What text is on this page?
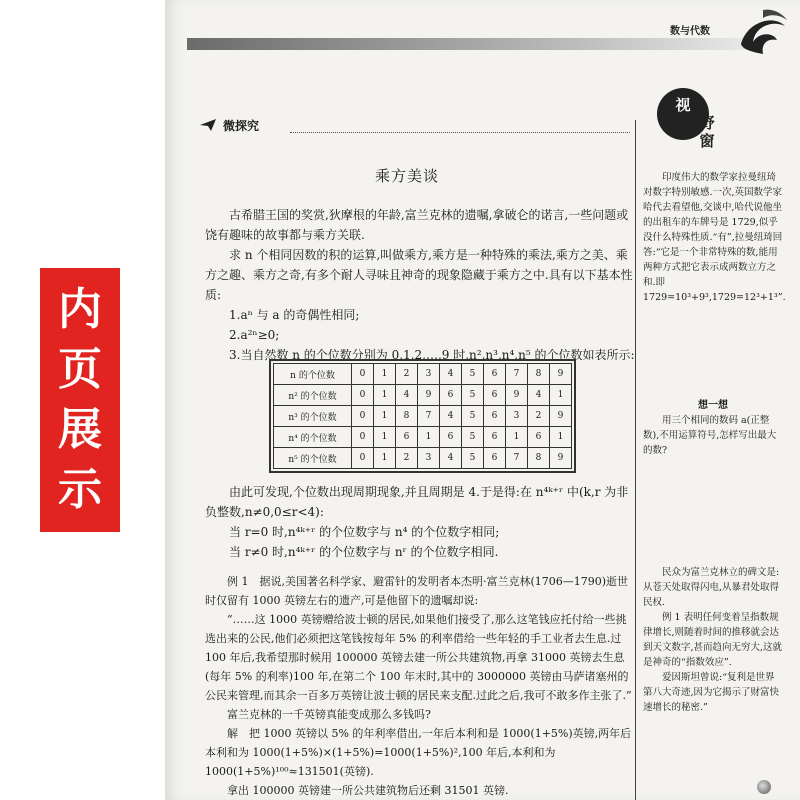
内
页
展
示
数与代数
微探究
乘方美谈

古希腊王国的奖赏,狄摩根的年龄,富兰克林的遗嘱,拿破仑的诺言,一些问题或饶有趣味的故事都与乘方关联.

求 n 个相同因数的积的运算,叫做乘方,乘方是一种特殊的乘法,乘方之美、乘方之趣、乘方之奇,有多个耐人寻味且神奇的现象隐藏于乘方之中.具有以下基本性质:

1.aⁿ 与 a 的奇偶性相同;

2.a²ⁿ≥0;

3.当自然数 n 的个位数分别为 0,1,2,…,9 时,n²,n³,n⁴,n⁵ 的个位数如表所示:

n 的个位数	0	1	2	3	4	5	6	7	8	9
n² 的个位数	0	1	4	9	6	5	6	9	4	1
n³ 的个位数	0	1	8	7	4	5	6	3	2	9
n⁴ 的个位数	0	1	6	1	6	5	6	1	6	1
n⁵ 的个位数	0	1	2	3	4	5	6	7	8	9

由此可发现,个位数出现周期现象,并且周期是 4.于是得:在 n⁴ᵏ⁺ʳ 中(k,r 为非负整数,n≠0,0≤r<4):

当 r=0 时,n⁴ᵏ⁺ʳ 的个位数字与 n⁴ 的个位数字相同;

当 r≠0 时,n⁴ᵏ⁺ʳ 的个位数字与 nʳ 的个位数字相同.

例 1　据说,美国著名科学家、避雷针的发明者本杰明·富兰克林(1706—1790)逝世时仅留有 1000 英镑左右的遗产,可是他留下的遗嘱却说:

“……这 1000 英镑赠给波士顿的居民,如果他们接受了,那么这笔钱应托付给一些挑选出来的公民,他们必须把这笔钱按每年 5% 的利率借给一些年轻的手工业者去生息.过 100 年后,我希望那时候用 100000 英镑去建一所公共建筑物,再拿 31000 英镑去生息(每年 5% 的利率)100 年,在第二个 100 年末时,其中的 3000000 英镑由马萨诸塞州的公民来管理,而其余一百多万英镑让波士顿的居民来支配.过此之后,我可不敢多作主张了.”

富兰克林的一千英镑真能变成那么多钱吗?

解　把 1000 英镑以 5% 的年利率借出,一年后本利和是 1000(1+5%)英镑,两年后本利和为 1000(1+5%)×(1+5%)=1000(1+5%)²,100 年后,本利和为 1000(1+5%)¹⁰⁰≈131501(英镑).

拿出 100000 英镑建一所公共建筑物后还剩 31501 英镑.

视野窗

印度伟大的数学家拉曼纽琦对数字特别敏感.一次,英国数学家哈代去看望他,交谈中,哈代说他坐的出租车的车牌号是 1729,似乎没什么特殊性质.“有”,拉曼纽琦回答:“它是一个非常特殊的数,能用两种方式把它表示成两数立方之和.即 1729=10³+9³,1729=12³+1³”.

想一想

用三个相同的数码 a(正整数),不用运算符号,怎样写出最大的数?

民众为富兰克林立的碑文是:从苍天处取得闪电,从暴君处取得民权.

例 1 表明任何变着呈指数规律增长,则随着时间的推移就会达到天文数字,甚而趋向无穷大,这就是神奇的“指数效应”.

爱因斯坦曾说:“复利是世界第八大奇迹,因为它揭示了财富快速增长的秘密.”
